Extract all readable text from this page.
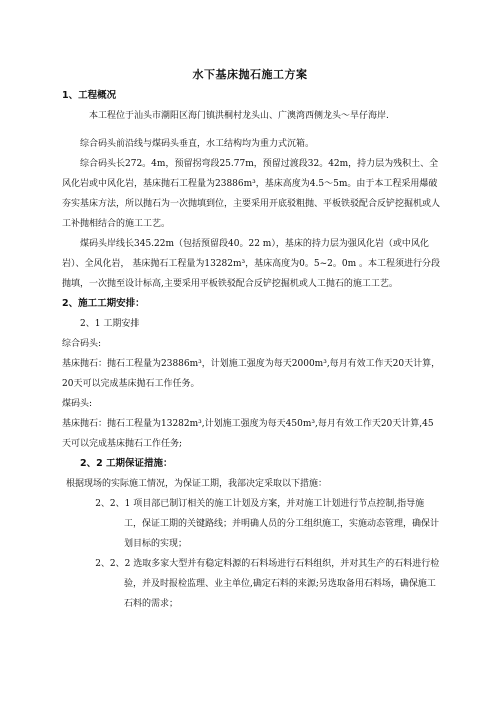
水下基床抛石施工方案
1、工程概况

本工程位于汕头市潮阳区海门镇洪桐村龙头山、广澳湾西侧龙头～旱仔海岸.

综合码头前沿线与煤码头垂直，水工结构均为重力式沉箱。

综合码头长272。4m，预留拐弯段25.77m，预留过渡段32。42m，持力层为残积土、全风化岩或中风化岩，基床抛石工程量为23886m³，基床高度为4.5～5m。由于本工程采用爆破夯实基床方法，所以抛石为一次抛填到位，主要采用开底驳粗抛、平板铁驳配合反铲挖掘机或人工补抛相结合的施工工艺。

煤码头岸线长345.22m（包括预留段40。22 m），基床的持力层为强风化岩（或中风化岩）、全风化岩， 基床抛石工程量为13282m³，基床高度为0。5~2。0m 。本工程须进行分段抛填，一次抛至设计标高,主要采用平板铁驳配合反铲挖掘机或人工抛石的施工工艺。

2、施工工期安排：

2、1 工期安排

综合码头:

基床抛石：抛石工程量为23886m³，计划施工强度为每天2000m³,每月有效工作天20天计算，20天可以完成基床抛石工作任务。

煤码头:

基床抛石：抛石工程量为13282m³,计划施工强度为每天450m³,每月有效工作天20天计算,45天可以完成基床抛石工作任务;

2、2 工期保证措施：

根据现场的实际施工情况，为保证工期，我部决定采取以下措施：

2、2、1 项目部已制订相关的施工计划及方案，并对施工计划进行节点控制,指导施工，保证工期的关键路线；并明确人员的分工组织施工，实施动态管理，确保计划目标的实现；

2、2、2 选取多家大型并有稳定料源的石料场进行石料组织，并对其生产的石料进行检验，并及时报检监理、业主单位,确定石料的来源;另选取备用石料场，确保施工石料的需求；
